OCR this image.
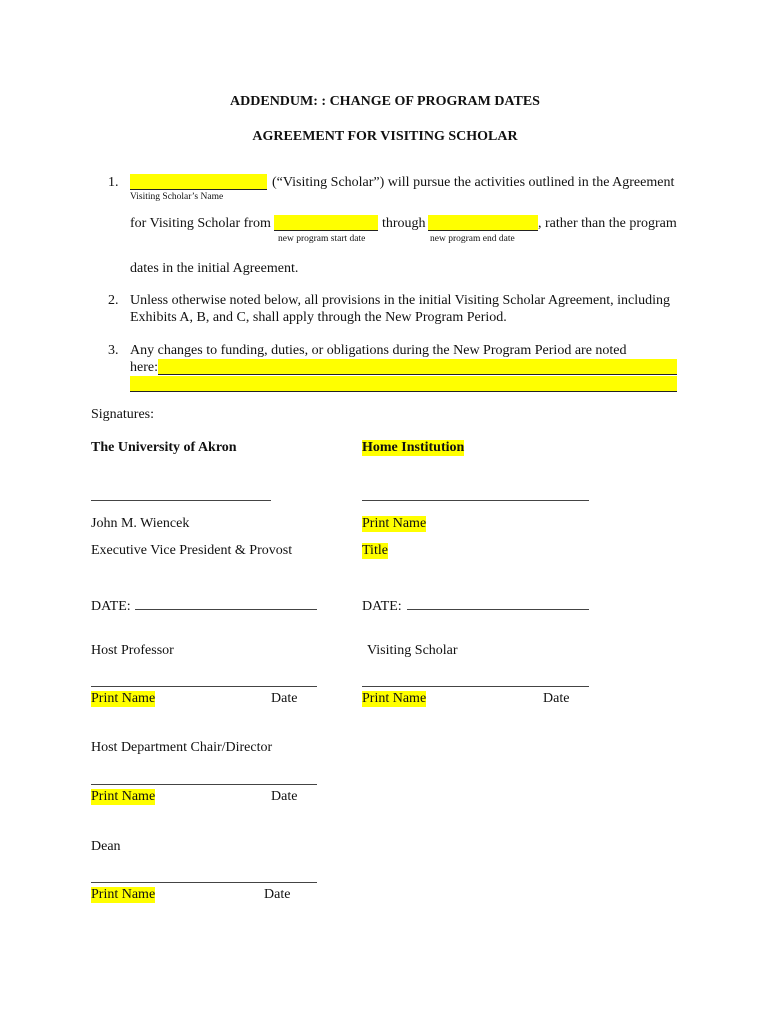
ADDENDUM: : CHANGE OF PROGRAM DATES
AGREEMENT FOR VISITING SCHOLAR
1.	(“Visiting Scholar”) will pursue the activities outlined in the Agreement
Visiting Scholar’s Name
for Visiting Scholar from	through	, rather than the program
new program start date	new program end date
dates in the initial Agreement.
2. Unless otherwise noted below, all provisions in the initial Visiting Scholar Agreement, including
Exhibits A, B, and C, shall apply through the New Program Period.
3. Any changes to funding, duties, or obligations during the New Program Period are noted
here:
Signatures:
The University of Akron	Home Institution
John M. Wiencek	Print Name
Executive Vice President & Provost	Title
DATE:	DATE:
Host Professor	Visiting Scholar
Print Name	Date	Print Name	Date
Host Department Chair/Director
Print Name	Date
Dean
Print Name	Date
